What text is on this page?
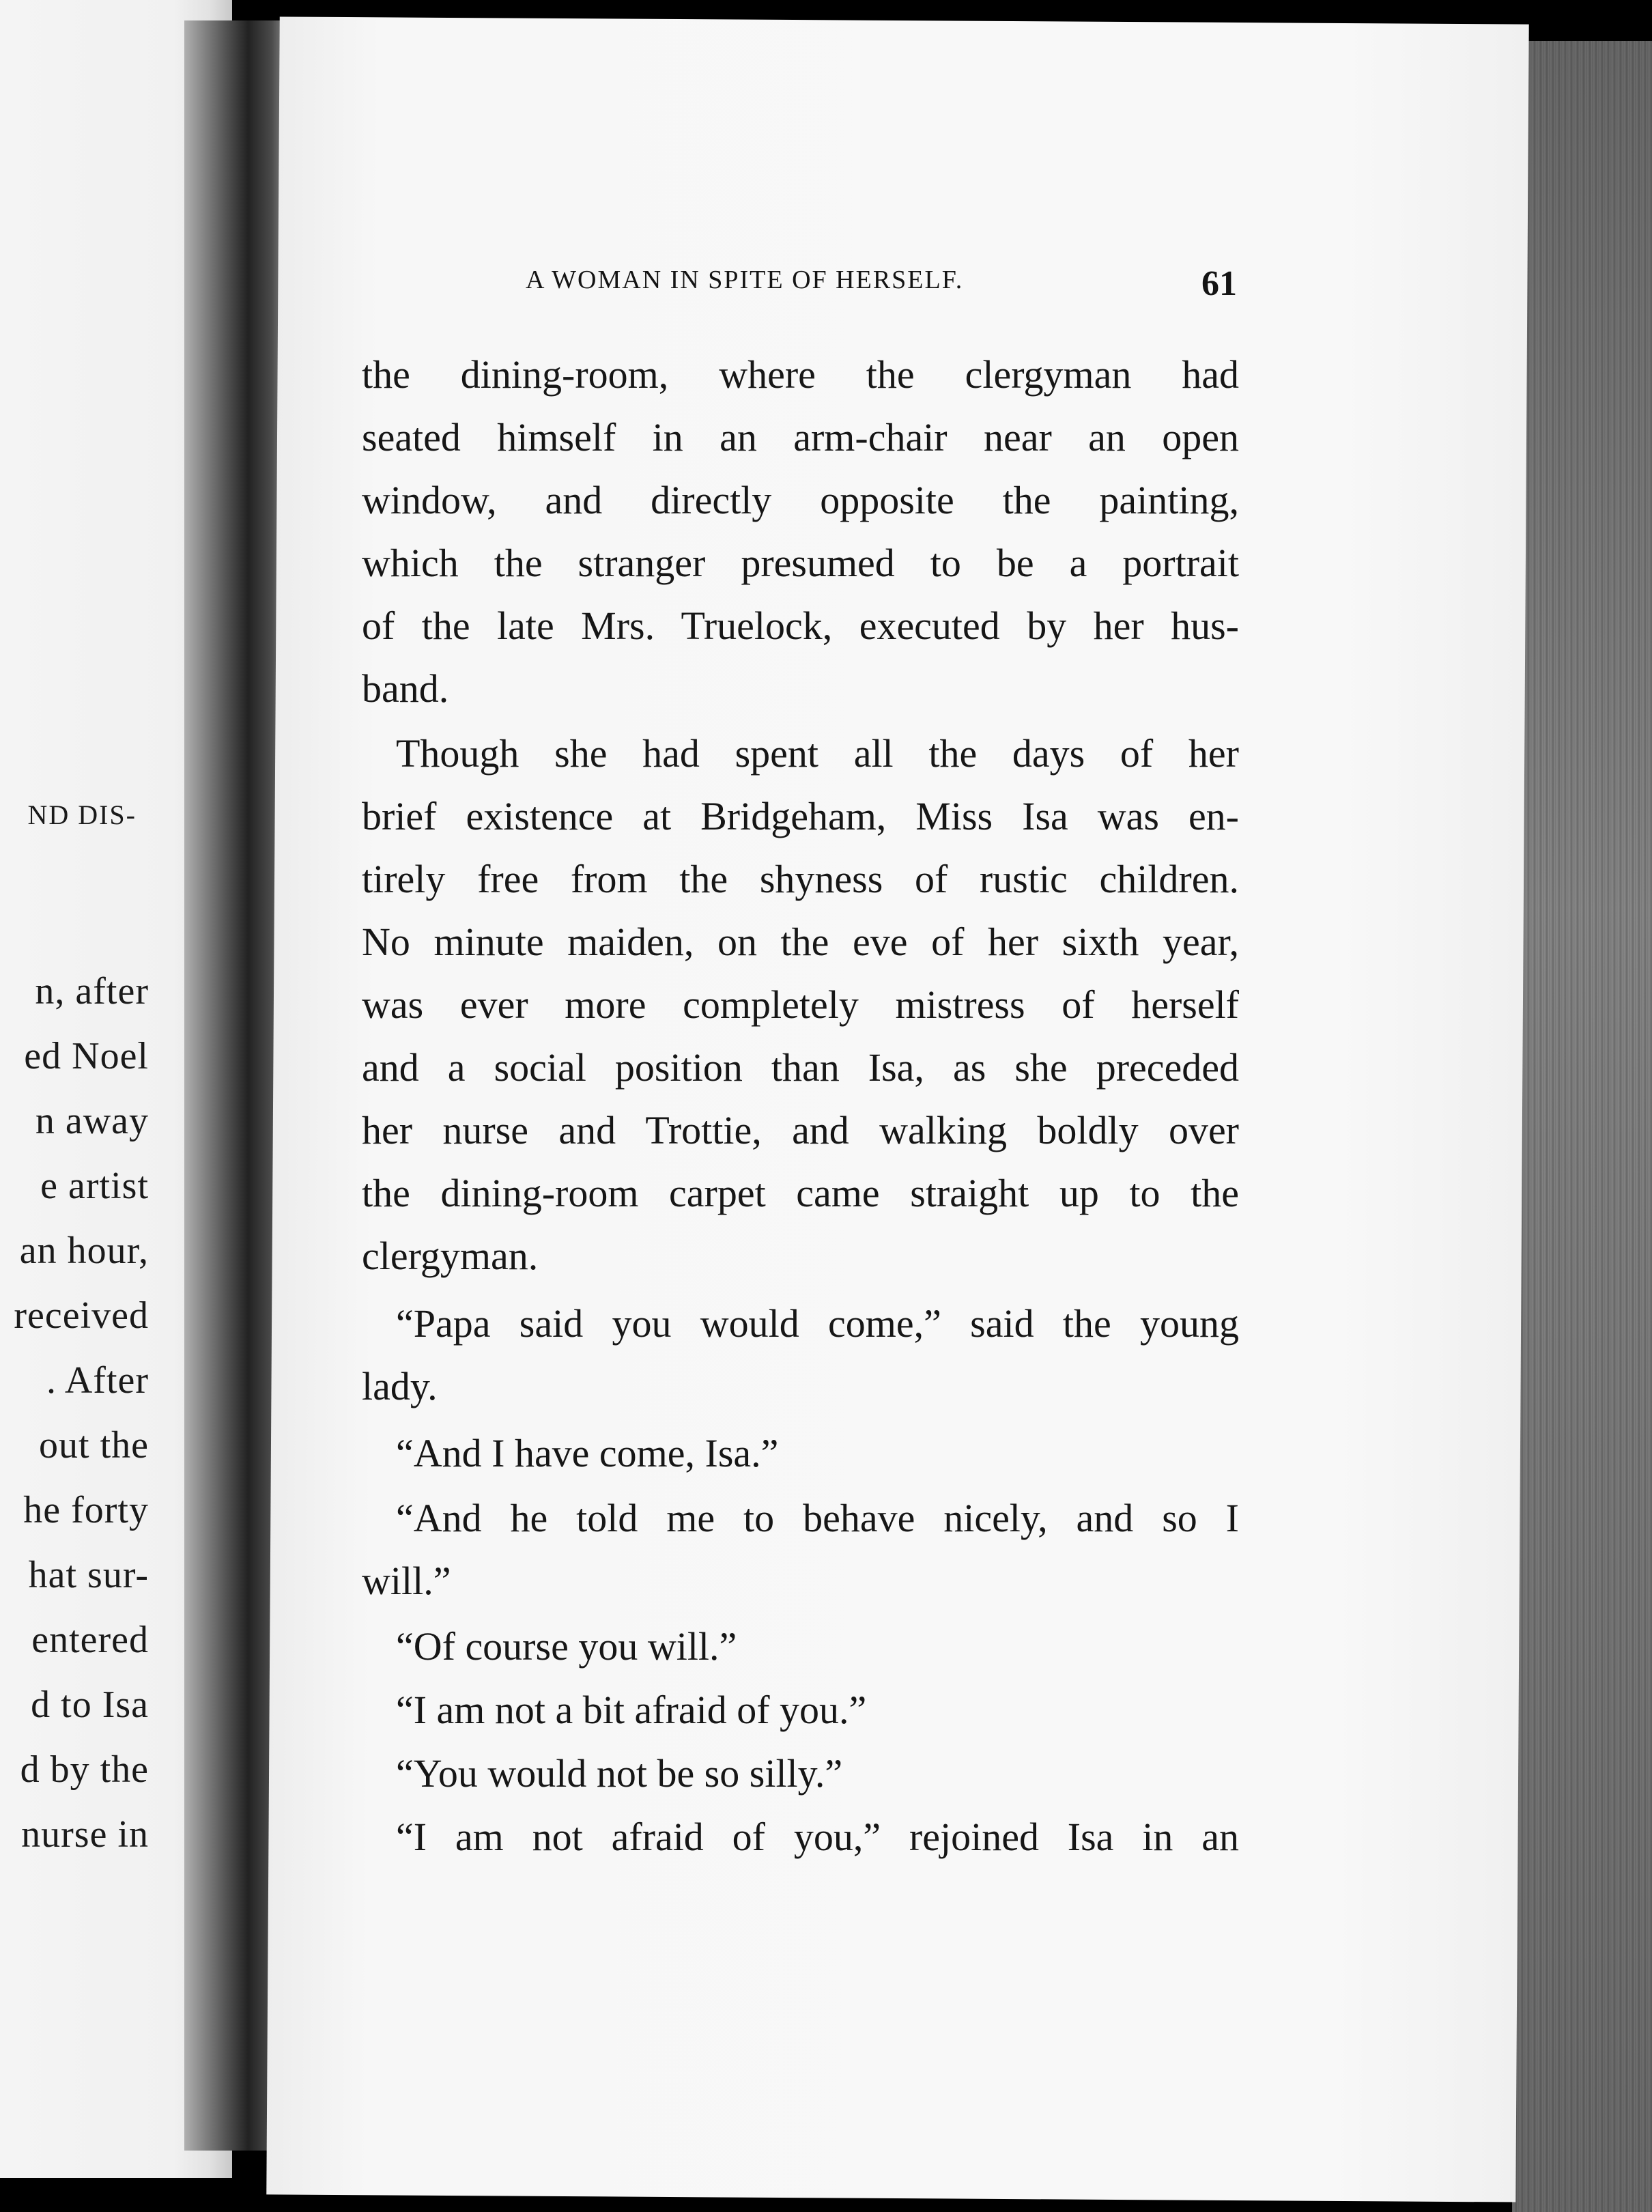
ND DIS-
n, after
ed Noel
n away
e artist
an hour,
received
. After
out the
he forty
hat sur-
entered
d to Isa
d by the
nurse in
A WOMAN IN SPITE OF HERSELF.	61
the dining-room, where the clergyman had
seated himself in an arm-chair near an open
window, and directly opposite the painting,
which the stranger presumed to be a portrait
of the late Mrs. Truelock, executed by her hus-
band.
Though she had spent all the days of her
brief existence at Bridgeham, Miss Isa was en-
tirely free from the shyness of rustic children.
No minute maiden, on the eve of her sixth year,
was ever more completely mistress of herself
and a social position than Isa, as she preceded
her nurse and Trottie, and walking boldly over
the dining-room carpet came straight up to the
clergyman.
“Papa said you would come,” said the young
lady.
“And I have come, Isa.”
“And he told me to behave nicely, and so I
will.”
“Of course you will.”
“I am not a bit afraid of you.”
“You would not be so silly.”
“I am not afraid of you,” rejoined Isa in an
